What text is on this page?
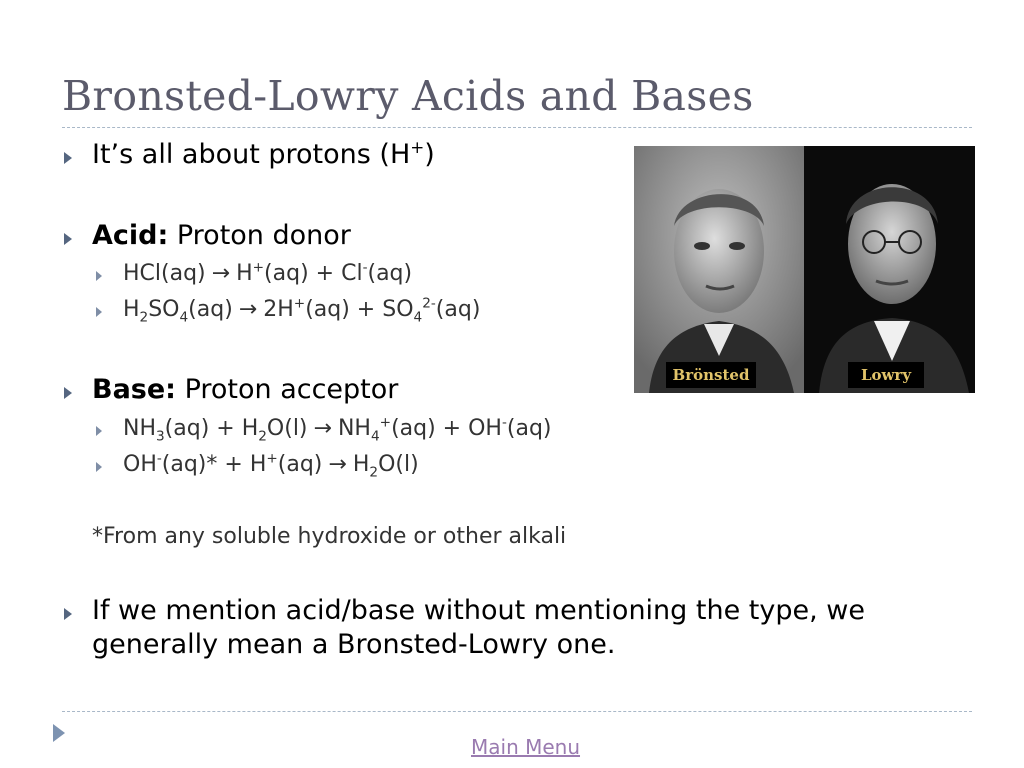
Bronsted-Lowry Acids and Bases
It’s all about protons (H+)
Acid: Proton donor
HCl(aq) → H+(aq) + Cl-(aq)
$H_2SO_4(aq) \to 2H^+(aq) + SO_4^{2-}(aq)$
Base: Proton acceptor
$NH_3(aq) + H_2O(l) \to NH_4^+(aq) + OH^-(aq)$
$OH^-(aq)* + H^+(aq) \to H_2O(l)$
*From any soluble hydroxide or other alkali
If we mention acid/base without mentioning the type, we
generally mean a Bronsted-Lowry one.
Brönsted	Lowry
Main Menu
